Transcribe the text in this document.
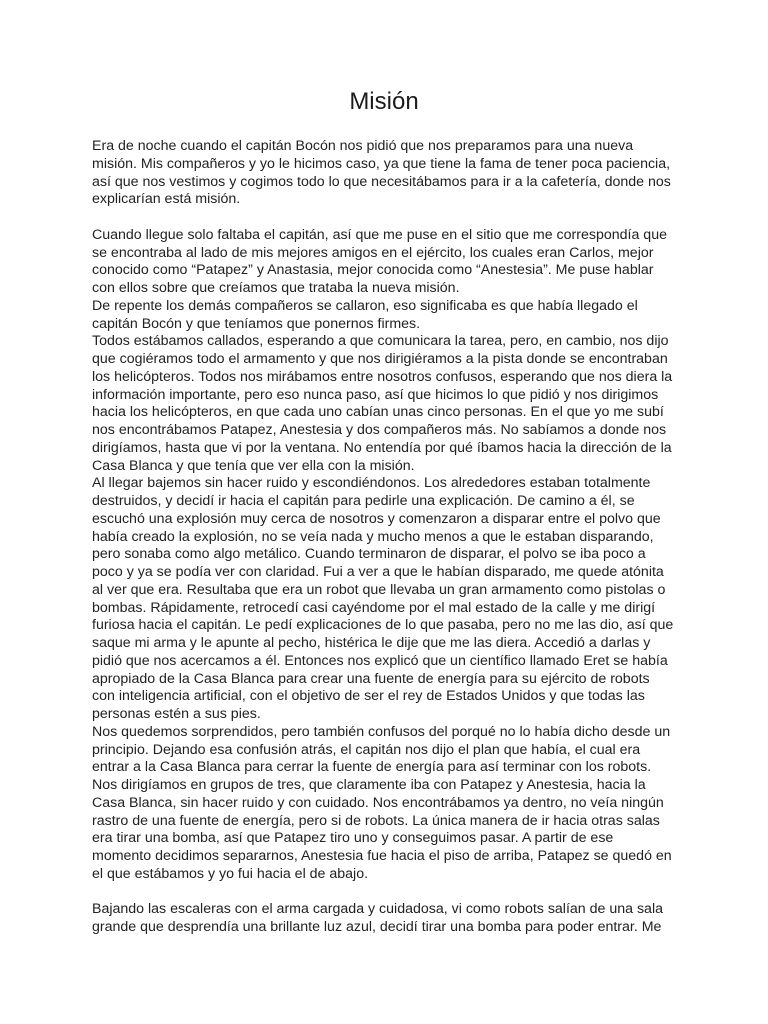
Misión
Era de noche cuando el capitán Bocón nos pidió que nos preparamos para una nueva
misión. Mis compañeros y yo le hicimos caso, ya que tiene la fama de tener poca paciencia,
así que nos vestimos y cogimos todo lo que necesitábamos para ir a la cafetería, donde nos
explicarían está misión.
Cuando llegue solo faltaba el capitán, así que me puse en el sitio que me correspondía que
se encontraba al lado de mis mejores amigos en el ejército, los cuales eran Carlos, mejor
conocido como “Patapez” y Anastasia, mejor conocida como “Anestesia”. Me puse hablar
con ellos sobre que creíamos que trataba la nueva misión.
De repente los demás compañeros se callaron, eso significaba es que había llegado el
capitán Bocón y que teníamos que ponernos firmes.
Todos estábamos callados, esperando a que comunicara la tarea, pero, en cambio, nos dijo
que cogiéramos todo el armamento y que nos dirigiéramos a la pista donde se encontraban
los helicópteros. Todos nos mirábamos entre nosotros confusos, esperando que nos diera la
información importante, pero eso nunca paso, así que hicimos lo que pidió y nos dirigimos
hacia los helicópteros, en que cada uno cabían unas cinco personas. En el que yo me subí
nos encontrábamos Patapez, Anestesia y dos compañeros más. No sabíamos a donde nos
dirigíamos, hasta que vi por la ventana. No entendía por qué íbamos hacia la dirección de la
Casa Blanca y que tenía que ver ella con la misión.
Al llegar bajemos sin hacer ruido y escondiéndonos. Los alrededores estaban totalmente
destruidos, y decidí ir hacia el capitán para pedirle una explicación. De camino a él, se
escuchó una explosión muy cerca de nosotros y comenzaron a disparar entre el polvo que
había creado la explosión, no se veía nada y mucho menos a que le estaban disparando,
pero sonaba como algo metálico. Cuando terminaron de disparar, el polvo se iba poco a
poco y ya se podía ver con claridad. Fui a ver a que le habían disparado, me quede atónita
al ver que era. Resultaba que era un robot que llevaba un gran armamento como pistolas o
bombas. Rápidamente, retrocedí casi cayéndome por el mal estado de la calle y me dirigí
furiosa hacia el capitán. Le pedí explicaciones de lo que pasaba, pero no me las dio, así que
saque mi arma y le apunte al pecho, histérica le dije que me las diera. Accedió a darlas y
pidió que nos acercamos a él. Entonces nos explicó que un científico llamado Eret se había
apropiado de la Casa Blanca para crear una fuente de energía para su ejército de robots
con inteligencia artificial, con el objetivo de ser el rey de Estados Unidos y que todas las
personas estén a sus pies.
Nos quedemos sorprendidos, pero también confusos del porqué no lo había dicho desde un
principio. Dejando esa confusión atrás, el capitán nos dijo el plan que había, el cual era
entrar a la Casa Blanca para cerrar la fuente de energía para así terminar con los robots.
Nos dirigíamos en grupos de tres, que claramente iba con Patapez y Anestesia, hacia la
Casa Blanca, sin hacer ruido y con cuidado. Nos encontrábamos ya dentro, no veía ningún
rastro de una fuente de energía, pero si de robots. La única manera de ir hacia otras salas
era tirar una bomba, así que Patapez tiro uno y conseguimos pasar. A partir de ese
momento decidimos separarnos, Anestesia fue hacia el piso de arriba, Patapez se quedó en
el que estábamos y yo fui hacia el de abajo.
Bajando las escaleras con el arma cargada y cuidadosa, vi como robots salían de una sala
grande que desprendía una brillante luz azul, decidí tirar una bomba para poder entrar. Me
